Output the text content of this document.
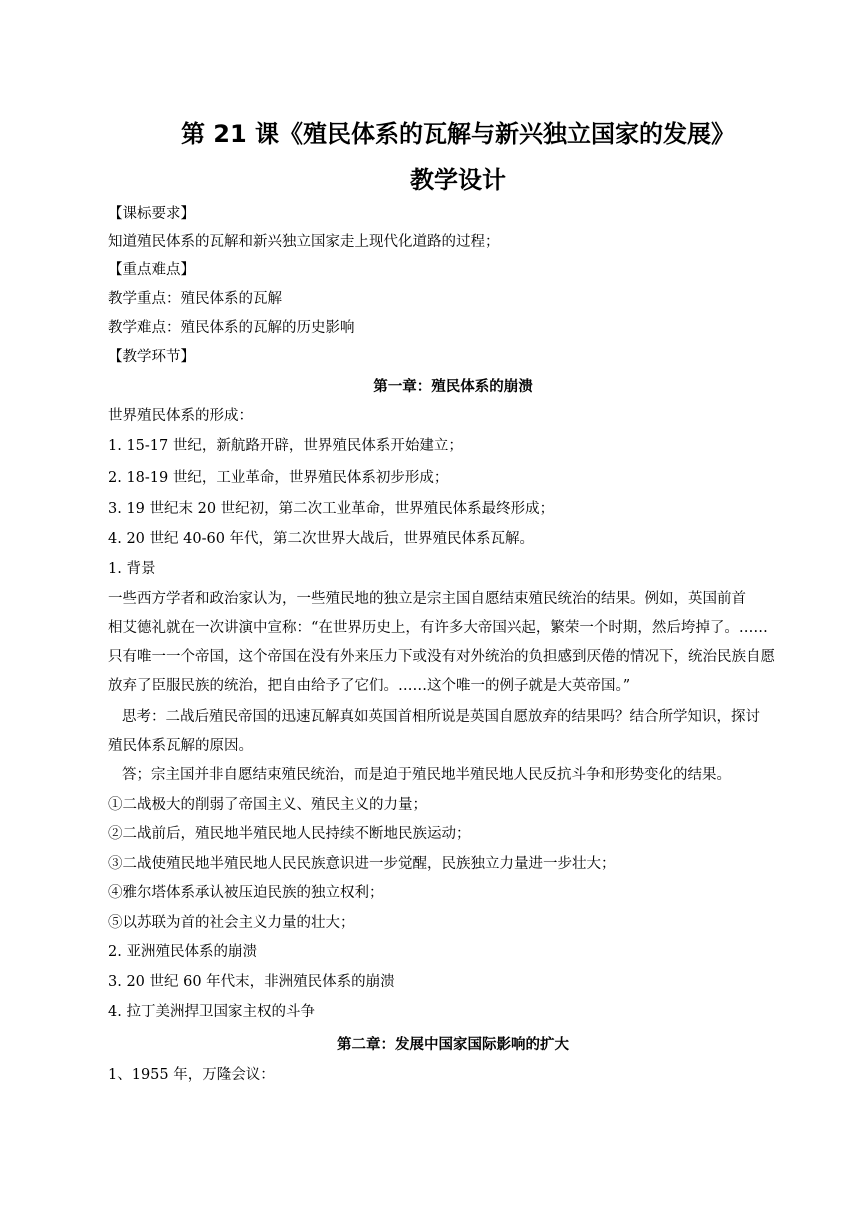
第 21 课《殖民体系的瓦解与新兴独立国家的发展》
教学设计
【课标要求】
知道殖民体系的瓦解和新兴独立国家走上现代化道路的过程；
【重点难点】
教学重点：殖民体系的瓦解
教学难点：殖民体系的瓦解的历史影响
【教学环节】
第一章：殖民体系的崩溃
世界殖民体系的形成：
1. 15-17 世纪，新航路开辟，世界殖民体系开始建立；
2. 18-19 世纪，工业革命，世界殖民体系初步形成；
3. 19 世纪末 20 世纪初，第二次工业革命，世界殖民体系最终形成；
4. 20 世纪 40-60 年代，第二次世界大战后，世界殖民体系瓦解。
1. 背景
一些西方学者和政治家认为，一些殖民地的独立是宗主国自愿结束殖民统治的结果。例如，英国前首
相艾德礼就在一次讲演中宣称：“在世界历史上，有许多大帝国兴起，繁荣一个时期，然后垮掉了。……
只有唯一一个帝国，这个帝国在没有外来压力下或没有对外统治的负担感到厌倦的情况下，统治民族自愿
放弃了臣服民族的统治，把自由给予了它们。……这个唯一的例子就是大英帝国。”
思考：二战后殖民帝国的迅速瓦解真如英国首相所说是英国自愿放弃的结果吗？结合所学知识，探讨
殖民体系瓦解的原因。
答；宗主国并非自愿结束殖民统治，而是迫于殖民地半殖民地人民反抗斗争和形势变化的结果。
①二战极大的削弱了帝国主义、殖民主义的力量；
②二战前后，殖民地半殖民地人民持续不断地民族运动；
③二战使殖民地半殖民地人民民族意识进一步觉醒，民族独立力量进一步壮大；
④雅尔塔体系承认被压迫民族的独立权利；
⑤以苏联为首的社会主义力量的壮大；
2. 亚洲殖民体系的崩溃
3. 20 世纪 60 年代末，非洲殖民体系的崩溃
4. 拉丁美洲捍卫国家主权的斗争
第二章：发展中国家国际影响的扩大
1、1955 年，万隆会议：
